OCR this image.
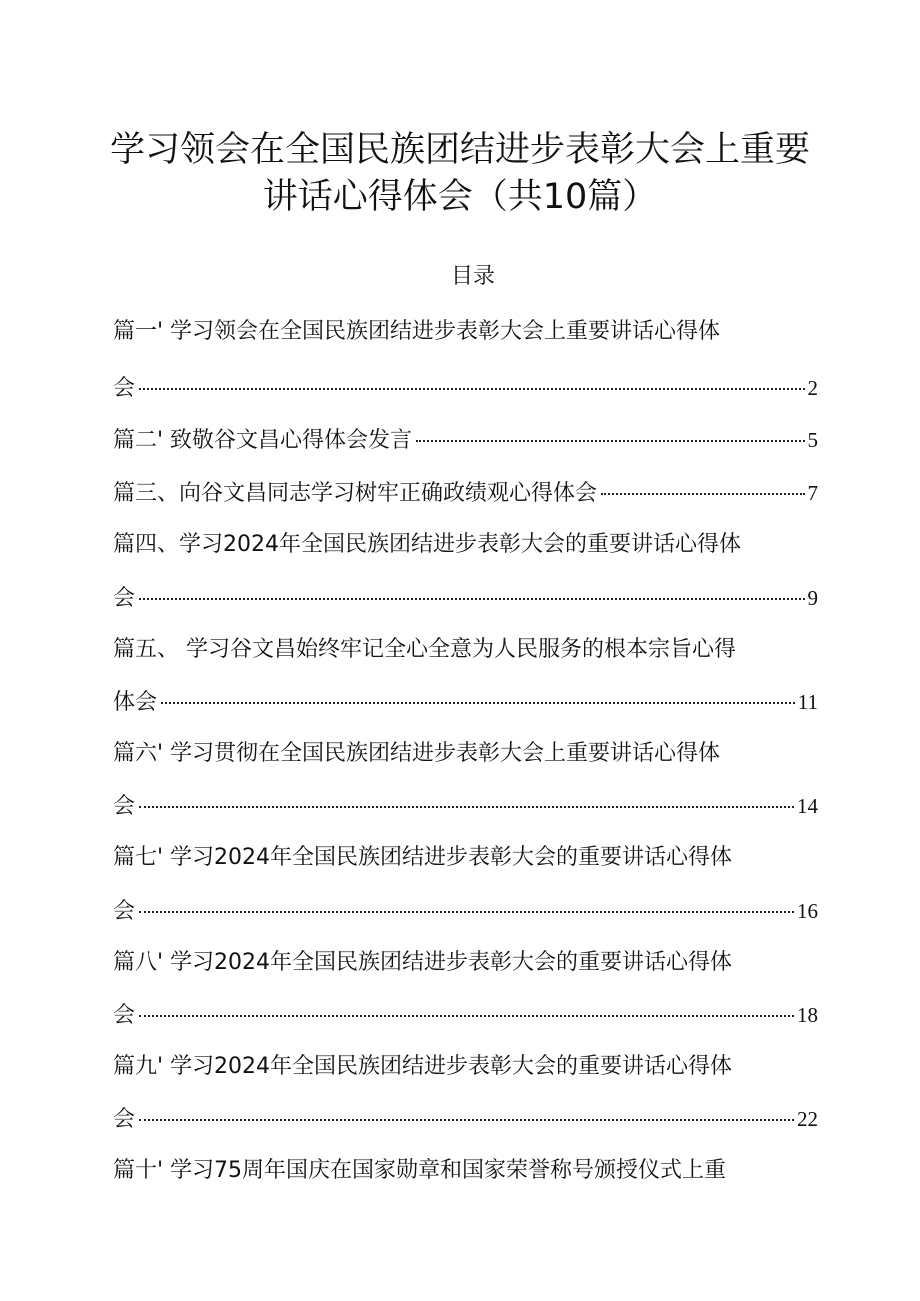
学习领会在全国民族团结进步表彰大会上重要
讲话心得体会（共10篇）
目录
篇一' 学习领会在全国民族团结进步表彰大会上重要讲话心得体
会	2
篇二' 致敬谷文昌心得体会发言	5
篇三、向谷文昌同志学习树牢正确政绩观心得体会	7
篇四、学习2024年全国民族团结进步表彰大会的重要讲话心得体
会	9
篇五、 学习谷文昌始终牢记全心全意为人民服务的根本宗旨心得
体会	11
篇六' 学习贯彻在全国民族团结进步表彰大会上重要讲话心得体
会	14
篇七' 学习2024年全国民族团结进步表彰大会的重要讲话心得体
会	16
篇八' 学习2024年全国民族团结进步表彰大会的重要讲话心得体
会	18
篇九' 学习2024年全国民族团结进步表彰大会的重要讲话心得体
会	22
篇十' 学习75周年国庆在国家勋章和国家荣誉称号颁授仪式上重
